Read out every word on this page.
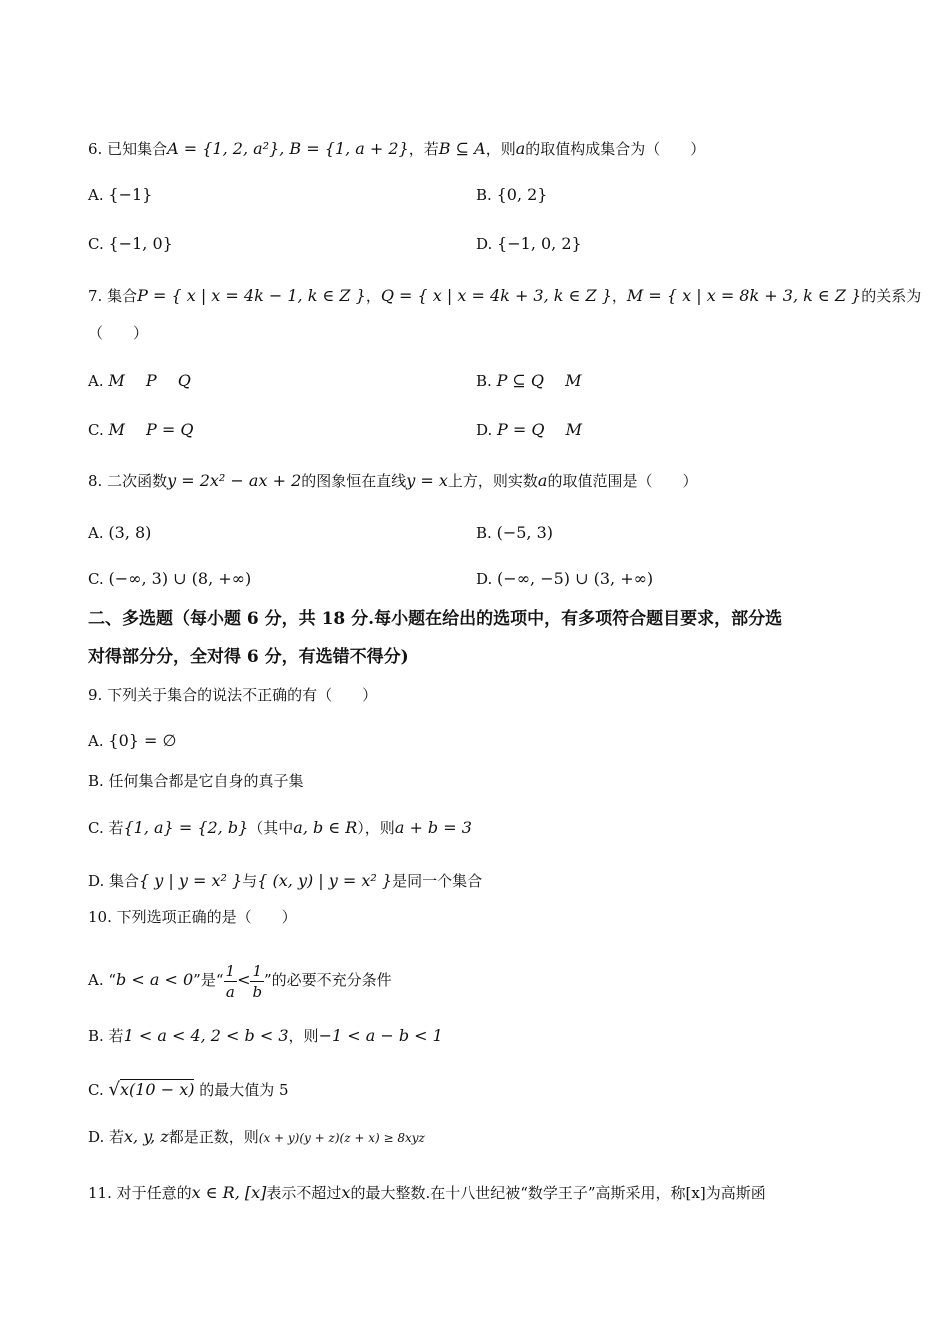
6. 已知集合A = {1, 2, a²}, B = {1, a + 2}，若B ⊆ A，则a的取值构成集合为（　　）
A. {−1}	B. {0, 2}
C. {−1, 0}	D. {−1, 0, 2}
7. 集合P = { x | x = 4k − 1, k ∈ Z }，Q = { x | x = 4k + 3, k ∈ Z }，M = { x | x = 8k + 3, k ∈ Z }的关系为
（　　）
A. M　 P　 Q	B. P ⊆ Q　 M
C. M　 P = Q	D. P = Q　 M
8. 二次函数y = 2x² − ax + 2的图象恒在直线y = x上方，则实数a的取值范围是（　　）
A. (3, 8)	B. (−5, 3)
C. (−∞, 3) ∪ (8, +∞)	D. (−∞, −5) ∪ (3, +∞)
二、多选题（每小题 6 分，共 18 分.每小题在给出的选项中，有多项符合题目要求，部分选
对得部分分，全对得 6 分，有选错不得分)
9. 下列关于集合的说法不正确的有（　　）
A. {0} = ∅
B. 任何集合都是它自身的真子集
C. 若{1, a} = {2, b}（其中a, b ∈ R），则a + b = 3
D. 集合{ y | y = x² }与{ (x, y) | y = x² }是同一个集合
10. 下列选项正确的是（　　）
A. “b < a < 0”是“ $\frac{1}{a} < \frac{1}{b}$ ”的必要不充分条件
B. 若1 < a < 4, 2 < b < 3，则−1 < a − b < 1
C. √x(10 − x) 的最大值为 5
D. 若x, y, z都是正数，则(x + y)(y + z)(z + x) ≥ 8xyz
11. 对于任意的x ∈ R, [x]表示不超过x的最大整数.在十八世纪被“数学王子”高斯采用，称[x]为高斯函
